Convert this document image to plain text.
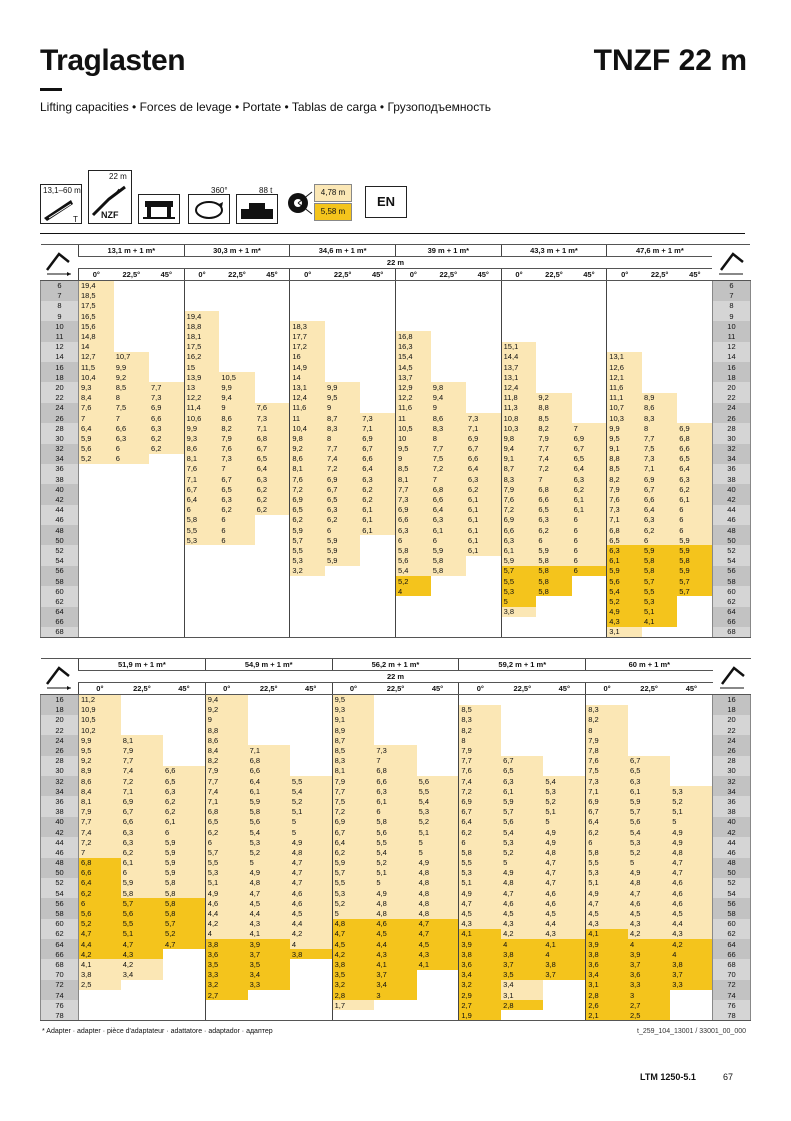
Traglasten	TNZF 22 m
Lifting capacities • Forces de levage • Portate • Tablas de carga • Грузоподъемность
13,1–60 m
T
22 m
NZF
360°	88 t	4,78 m
5,58 m
EN
	13,1 m + 1 m*			30,3 m + 1 m*			34,6 m + 1 m*			39 m + 1 m*			43,3 m + 1 m*			47,6 m + 1 m*	
	22 m																		
	0°	22,5°	45°	0°	22,5°	45°	0°	22,5°	45°	0°	22,5°	45°	0°	22,5°	45°	0°	22,5°	45°	
6	19,4																		6
7	18,5																		7
8	17,5																		8
9	16,5			19,4															9
10	15,6			18,8			18,3												10
11	14,8			18,1			17,7			16,8									11
12	14			17,5			17,2			16,3			15,1						12
14	12,7	10,7		16,2			16			15,4			14,4			13,1			14
16	11,5	9,9		15			14,9			14,5			13,7			12,6			16
18	10,4	9,2		13,9	10,5		14			13,7			13,1			12,1			18
20	9,3	8,5	7,7	13	9,9		13,1	9,9		12,9	9,8		12,4			11,6			20
22	8,4	8	7,3	12,2	9,4		12,4	9,5		12,2	9,4		11,8	9,2		11,1	8,9		22
24	7,6	7,5	6,9	11,4	9	7,6	11,6	9		11,6	9		11,3	8,8		10,7	8,6		24
26	7	7	6,6	10,6	8,6	7,3	11	8,7	7,3	11	8,6	7,3	10,8	8,5		10,3	8,3		26
28	6,4	6,6	6,3	9,9	8,2	7,1	10,4	8,3	7,1	10,5	8,3	7,1	10,3	8,2	7	9,9	8	6,9	28
30	5,9	6,3	6,2	9,3	7,9	6,8	9,8	8	6,9	10	8	6,9	9,8	7,9	6,9	9,5	7,7	6,8	30
32	5,6	6	6,2	8,6	7,6	6,7	9,2	7,7	6,7	9,5	7,7	6,7	9,4	7,7	6,7	9,1	7,5	6,6	32
34	5,2	6		8,1	7,3	6,5	8,6	7,4	6,6	9	7,5	6,6	9,1	7,4	6,5	8,8	7,3	6,5	34
36				7,6	7	6,4	8,1	7,2	6,4	8,5	7,2	6,4	8,7	7,2	6,4	8,5	7,1	6,4	36
38				7,1	6,7	6,3	7,6	6,9	6,3	8,1	7	6,3	8,3	7	6,3	8,2	6,9	6,3	38
40				6,7	6,5	6,2	7,2	6,7	6,2	7,7	6,8	6,2	7,9	6,8	6,2	7,9	6,7	6,2	40
42				6,4	6,3	6,2	6,9	6,5	6,2	7,3	6,6	6,1	7,6	6,6	6,1	7,6	6,6	6,1	42
44				6	6,2	6,2	6,5	6,3	6,1	6,9	6,4	6,1	7,2	6,5	6,1	7,3	6,4	6	44
46				5,8	6		6,2	6,2	6,1	6,6	6,3	6,1	6,9	6,3	6	7,1	6,3	6	46
48				5,5	6		5,9	6	6,1	6,3	6,1	6,1	6,6	6,2	6	6,8	6,2	6	48
50				5,3	6		5,7	5,9		6	6	6,1	6,3	6	6	6,5	6	5,9	50
52							5,5	5,9		5,8	5,9	6,1	6,1	5,9	6	6,3	5,9	5,9	52
54							5,3	5,9		5,6	5,8		5,9	5,8	6	6,1	5,8	5,8	54
56							3,2			5,4	5,8		5,7	5,8	6	5,9	5,8	5,9	56
58										5,2			5,5	5,8		5,6	5,7	5,7	58
60										4			5,3	5,8		5,4	5,5	5,7	60
62													5			5,2	5,3		62
64													3,8			4,9	5,1		64
66																4,3	4,1		66
68																3,1			68
	51,9 m + 1 m*			54,9 m + 1 m*			56,2 m + 1 m*			59,2 m + 1 m*			60 m + 1 m*	
	22 m															
	0°	22,5°	45°	0°	22,5°	45°	0°	22,5°	45°	0°	22,5°	45°	0°	22,5°	45°	
16	11,2			9,4			9,5									16
18	10,9			9,2			9,3			8,5			8,3			18
20	10,5			9			9,1			8,3			8,2			20
22	10,2			8,8			8,9			8,2			8			22
24	9,9	8,1		8,6			8,7			8			7,9			24
26	9,5	7,9		8,4	7,1		8,5	7,3		7,9			7,8			26
28	9,2	7,7		8,2	6,8		8,3	7		7,7	6,7		7,6	6,7		28
30	8,9	7,4	6,6	7,9	6,6		8,1	6,8		7,6	6,5		7,5	6,5		30
32	8,6	7,2	6,5	7,7	6,4	5,5	7,9	6,6	5,6	7,4	6,3	5,4	7,3	6,3		32
34	8,4	7,1	6,3	7,4	6,1	5,4	7,7	6,3	5,5	7,2	6,1	5,3	7,1	6,1	5,3	34
36	8,1	6,9	6,2	7,1	5,9	5,2	7,5	6,1	5,4	6,9	5,9	5,2	6,9	5,9	5,2	36
38	7,9	6,7	6,2	6,8	5,8	5,1	7,2	6	5,3	6,7	5,7	5,1	6,7	5,7	5,1	38
40	7,7	6,6	6,1	6,5	5,6	5	6,9	5,8	5,2	6,4	5,6	5	6,4	5,6	5	40
42	7,4	6,3	6	6,2	5,4	5	6,7	5,6	5,1	6,2	5,4	4,9	6,2	5,4	4,9	42
44	7,2	6,3	5,9	6	5,3	4,9	6,4	5,5	5	6	5,3	4,9	6	5,3	4,9	44
46	7	6,2	5,9	5,7	5,2	4,8	6,2	5,4	5	5,8	5,2	4,8	5,8	5,2	4,8	46
48	6,8	6,1	5,9	5,5	5	4,7	5,9	5,2	4,9	5,5	5	4,7	5,5	5	4,7	48
50	6,6	6	5,9	5,3	4,9	4,7	5,7	5,1	4,8	5,3	4,9	4,7	5,3	4,9	4,7	50
52	6,4	5,9	5,8	5,1	4,8	4,7	5,5	5	4,8	5,1	4,8	4,7	5,1	4,8	4,6	52
54	6,2	5,8	5,8	4,9	4,7	4,6	5,3	4,9	4,8	4,9	4,7	4,6	4,9	4,7	4,6	54
56	6	5,7	5,8	4,6	4,5	4,6	5,2	4,8	4,8	4,7	4,6	4,6	4,7	4,6	4,6	56
58	5,6	5,6	5,8	4,4	4,4	4,5	5	4,8	4,8	4,5	4,5	4,5	4,5	4,5	4,5	58
60	5,2	5,5	5,7	4,2	4,3	4,4	4,8	4,6	4,7	4,3	4,3	4,4	4,3	4,3	4,4	60
62	4,7	5,1	5,2	4	4,1	4,2	4,7	4,5	4,7	4,1	4,2	4,3	4,1	4,2	4,3	62
64	4,4	4,7	4,7	3,8	3,9	4	4,5	4,4	4,5	3,9	4	4,1	3,9	4	4,2	64
66	4,2	4,3		3,6	3,7	3,8	4,2	4,3	4,3	3,8	3,8	4	3,8	3,9	4	66
68	4,1	4,2		3,5	3,5		3,8	4,1	4,1	3,6	3,7	3,8	3,6	3,7	3,8	68
70	3,8	3,4		3,3	3,4		3,5	3,7		3,4	3,5	3,7	3,4	3,6	3,7	70
72	2,5			3,2	3,3		3,2	3,4		3,2	3,4		3,1	3,3	3,3	72
74				2,7			2,8	3		2,9	3,1		2,8	3		74
76							1,7			2,7	2,8		2,6	2,7		76
78										1,9			2,1	2,5		78
* Adapter · adapter · pièce d'adaptateur · adattatore · adaptador · адаптер	t_259_104_13001 / 33001_00_000
LTM 1250-5.1	67
